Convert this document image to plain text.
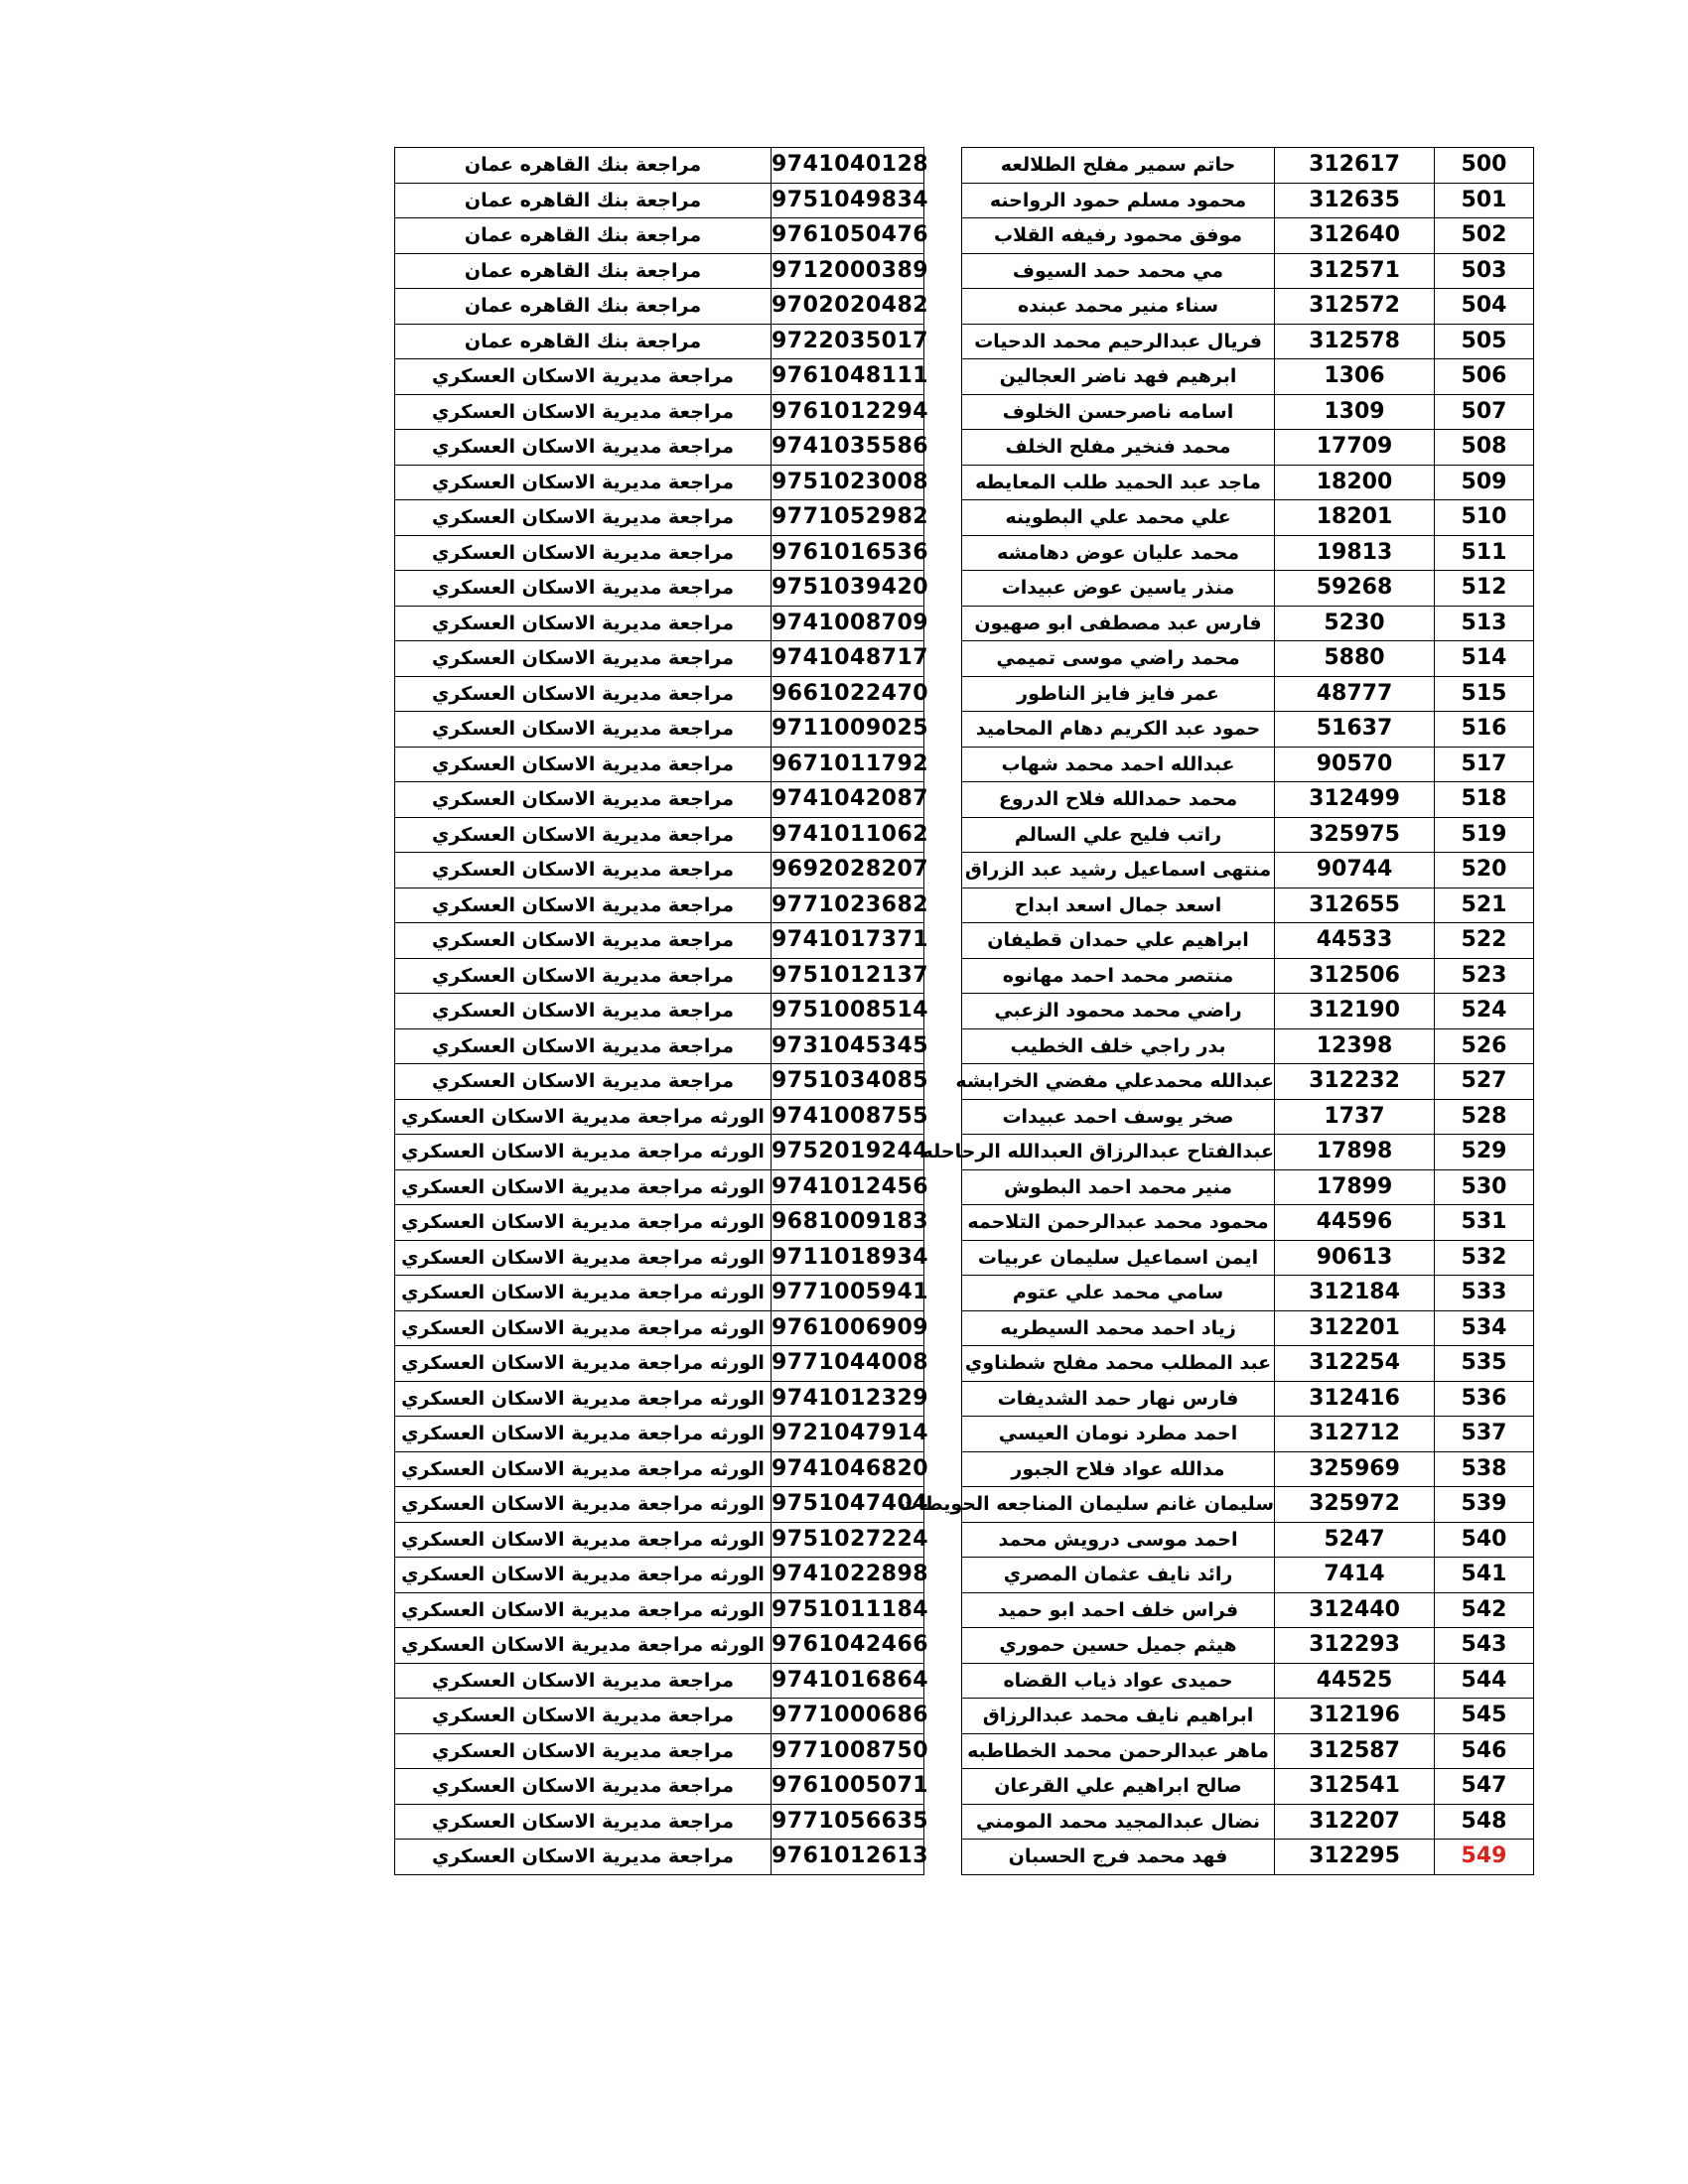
مراجعة بنك القاهره عمان	9741040128		حاتم سمير مفلح الطلالعه	312617	500
مراجعة بنك القاهره عمان	9751049834		محمود مسلم حمود الرواحنه	312635	501
مراجعة بنك القاهره عمان	9761050476		موفق محمود رفيفه القلاب	312640	502
مراجعة بنك القاهره عمان	9712000389		مي محمد حمد السيوف	312571	503
مراجعة بنك القاهره عمان	9702020482		سناء منير محمد عبنده	312572	504
مراجعة بنك القاهره عمان	9722035017		فريال عبدالرحيم محمد الدحيات	312578	505
مراجعة مديرية الاسكان العسكري	9761048111		ابرهيم فهد ناضر العجالين	1306	506
مراجعة مديرية الاسكان العسكري	9761012294		اسامه ناصرحسن الخلوف	1309	507
مراجعة مديرية الاسكان العسكري	9741035586		محمد فنخير مفلح الخلف	17709	508
مراجعة مديرية الاسكان العسكري	9751023008		ماجد عبد الحميد طلب المعايطه	18200	509
مراجعة مديرية الاسكان العسكري	9771052982		علي محمد علي البطوينه	18201	510
مراجعة مديرية الاسكان العسكري	9761016536		محمد عليان عوض دهامشه	19813	511
مراجعة مديرية الاسكان العسكري	9751039420		منذر ياسين عوض عبيدات	59268	512
مراجعة مديرية الاسكان العسكري	9741008709		فارس عبد مصطفى ابو صهيون	5230	513
مراجعة مديرية الاسكان العسكري	9741048717		محمد راضي موسى تميمي	5880	514
مراجعة مديرية الاسكان العسكري	9661022470		عمر فايز فايز الناطور	48777	515
مراجعة مديرية الاسكان العسكري	9711009025		حمود عبد الكريم دهام المحاميد	51637	516
مراجعة مديرية الاسكان العسكري	9671011792		عبدالله احمد محمد شهاب	90570	517
مراجعة مديرية الاسكان العسكري	9741042087		محمد حمدالله فلاح الدروع	312499	518
مراجعة مديرية الاسكان العسكري	9741011062		راتب فليح علي السالم	325975	519
مراجعة مديرية الاسكان العسكري	9692028207		منتهى اسماعيل رشيد عبد الزراق	90744	520
مراجعة مديرية الاسكان العسكري	9771023682		اسعد جمال اسعد ابداح	312655	521
مراجعة مديرية الاسكان العسكري	9741017371		ابراهيم علي حمدان قطيفان	44533	522
مراجعة مديرية الاسكان العسكري	9751012137		منتصر محمد احمد مهانوه	312506	523
مراجعة مديرية الاسكان العسكري	9751008514		راضي محمد محمود الزعبي	312190	524
مراجعة مديرية الاسكان العسكري	9731045345		بدر راجي خلف الخطيب	12398	526
مراجعة مديرية الاسكان العسكري	9751034085		عبدالله محمدعلي مفضي الخرابشه	312232	527
الورثه مراجعة مديرية الاسكان العسكري	9741008755		صخر يوسف احمد عبيدات	1737	528
الورثه مراجعة مديرية الاسكان العسكري	9752019244		عبدالفتاح عبدالرزاق العبدالله الرحاحله	17898	529
الورثه مراجعة مديرية الاسكان العسكري	9741012456		منير محمد احمد البطوش	17899	530
الورثه مراجعة مديرية الاسكان العسكري	9681009183		محمود محمد عبدالرحمن التلاحمه	44596	531
الورثه مراجعة مديرية الاسكان العسكري	9711018934		ايمن اسماعيل سليمان عربيات	90613	532
الورثه مراجعة مديرية الاسكان العسكري	9771005941		سامي محمد علي عتوم	312184	533
الورثه مراجعة مديرية الاسكان العسكري	9761006909		زياد احمد محمد السيطريه	312201	534
الورثه مراجعة مديرية الاسكان العسكري	9771044008		عبد المطلب محمد مفلح شطناوي	312254	535
الورثه مراجعة مديرية الاسكان العسكري	9741012329		فارس نهار حمد الشديفات	312416	536
الورثه مراجعة مديرية الاسكان العسكري	9721047914		احمد مطرد نومان العيسي	312712	537
الورثه مراجعة مديرية الاسكان العسكري	9741046820		مدالله عواد فلاح الجبور	325969	538
الورثه مراجعة مديرية الاسكان العسكري	9751047404		سليمان غانم سليمان المناجعه الحويطات	325972	539
الورثه مراجعة مديرية الاسكان العسكري	9751027224		احمد موسى درويش محمد	5247	540
الورثه مراجعة مديرية الاسكان العسكري	9741022898		رائد نايف عثمان المصري	7414	541
الورثه مراجعة مديرية الاسكان العسكري	9751011184		فراس خلف احمد ابو حميد	312440	542
الورثه مراجعة مديرية الاسكان العسكري	9761042466		هيثم جميل حسين حموري	312293	543
مراجعة مديرية الاسكان العسكري	9741016864		حميدى عواد ذياب القضاه	44525	544
مراجعة مديرية الاسكان العسكري	9771000686		ابراهيم نايف محمد عبدالرزاق	312196	545
مراجعة مديرية الاسكان العسكري	9771008750		ماهر عبدالرحمن محمد الخطاطبه	312587	546
مراجعة مديرية الاسكان العسكري	9761005071		صالح ابراهيم علي القرعان	312541	547
مراجعة مديرية الاسكان العسكري	9771056635		نضال عبدالمجيد محمد المومني	312207	548
مراجعة مديرية الاسكان العسكري	9761012613		فهد محمد فرج الحسبان	312295	549
